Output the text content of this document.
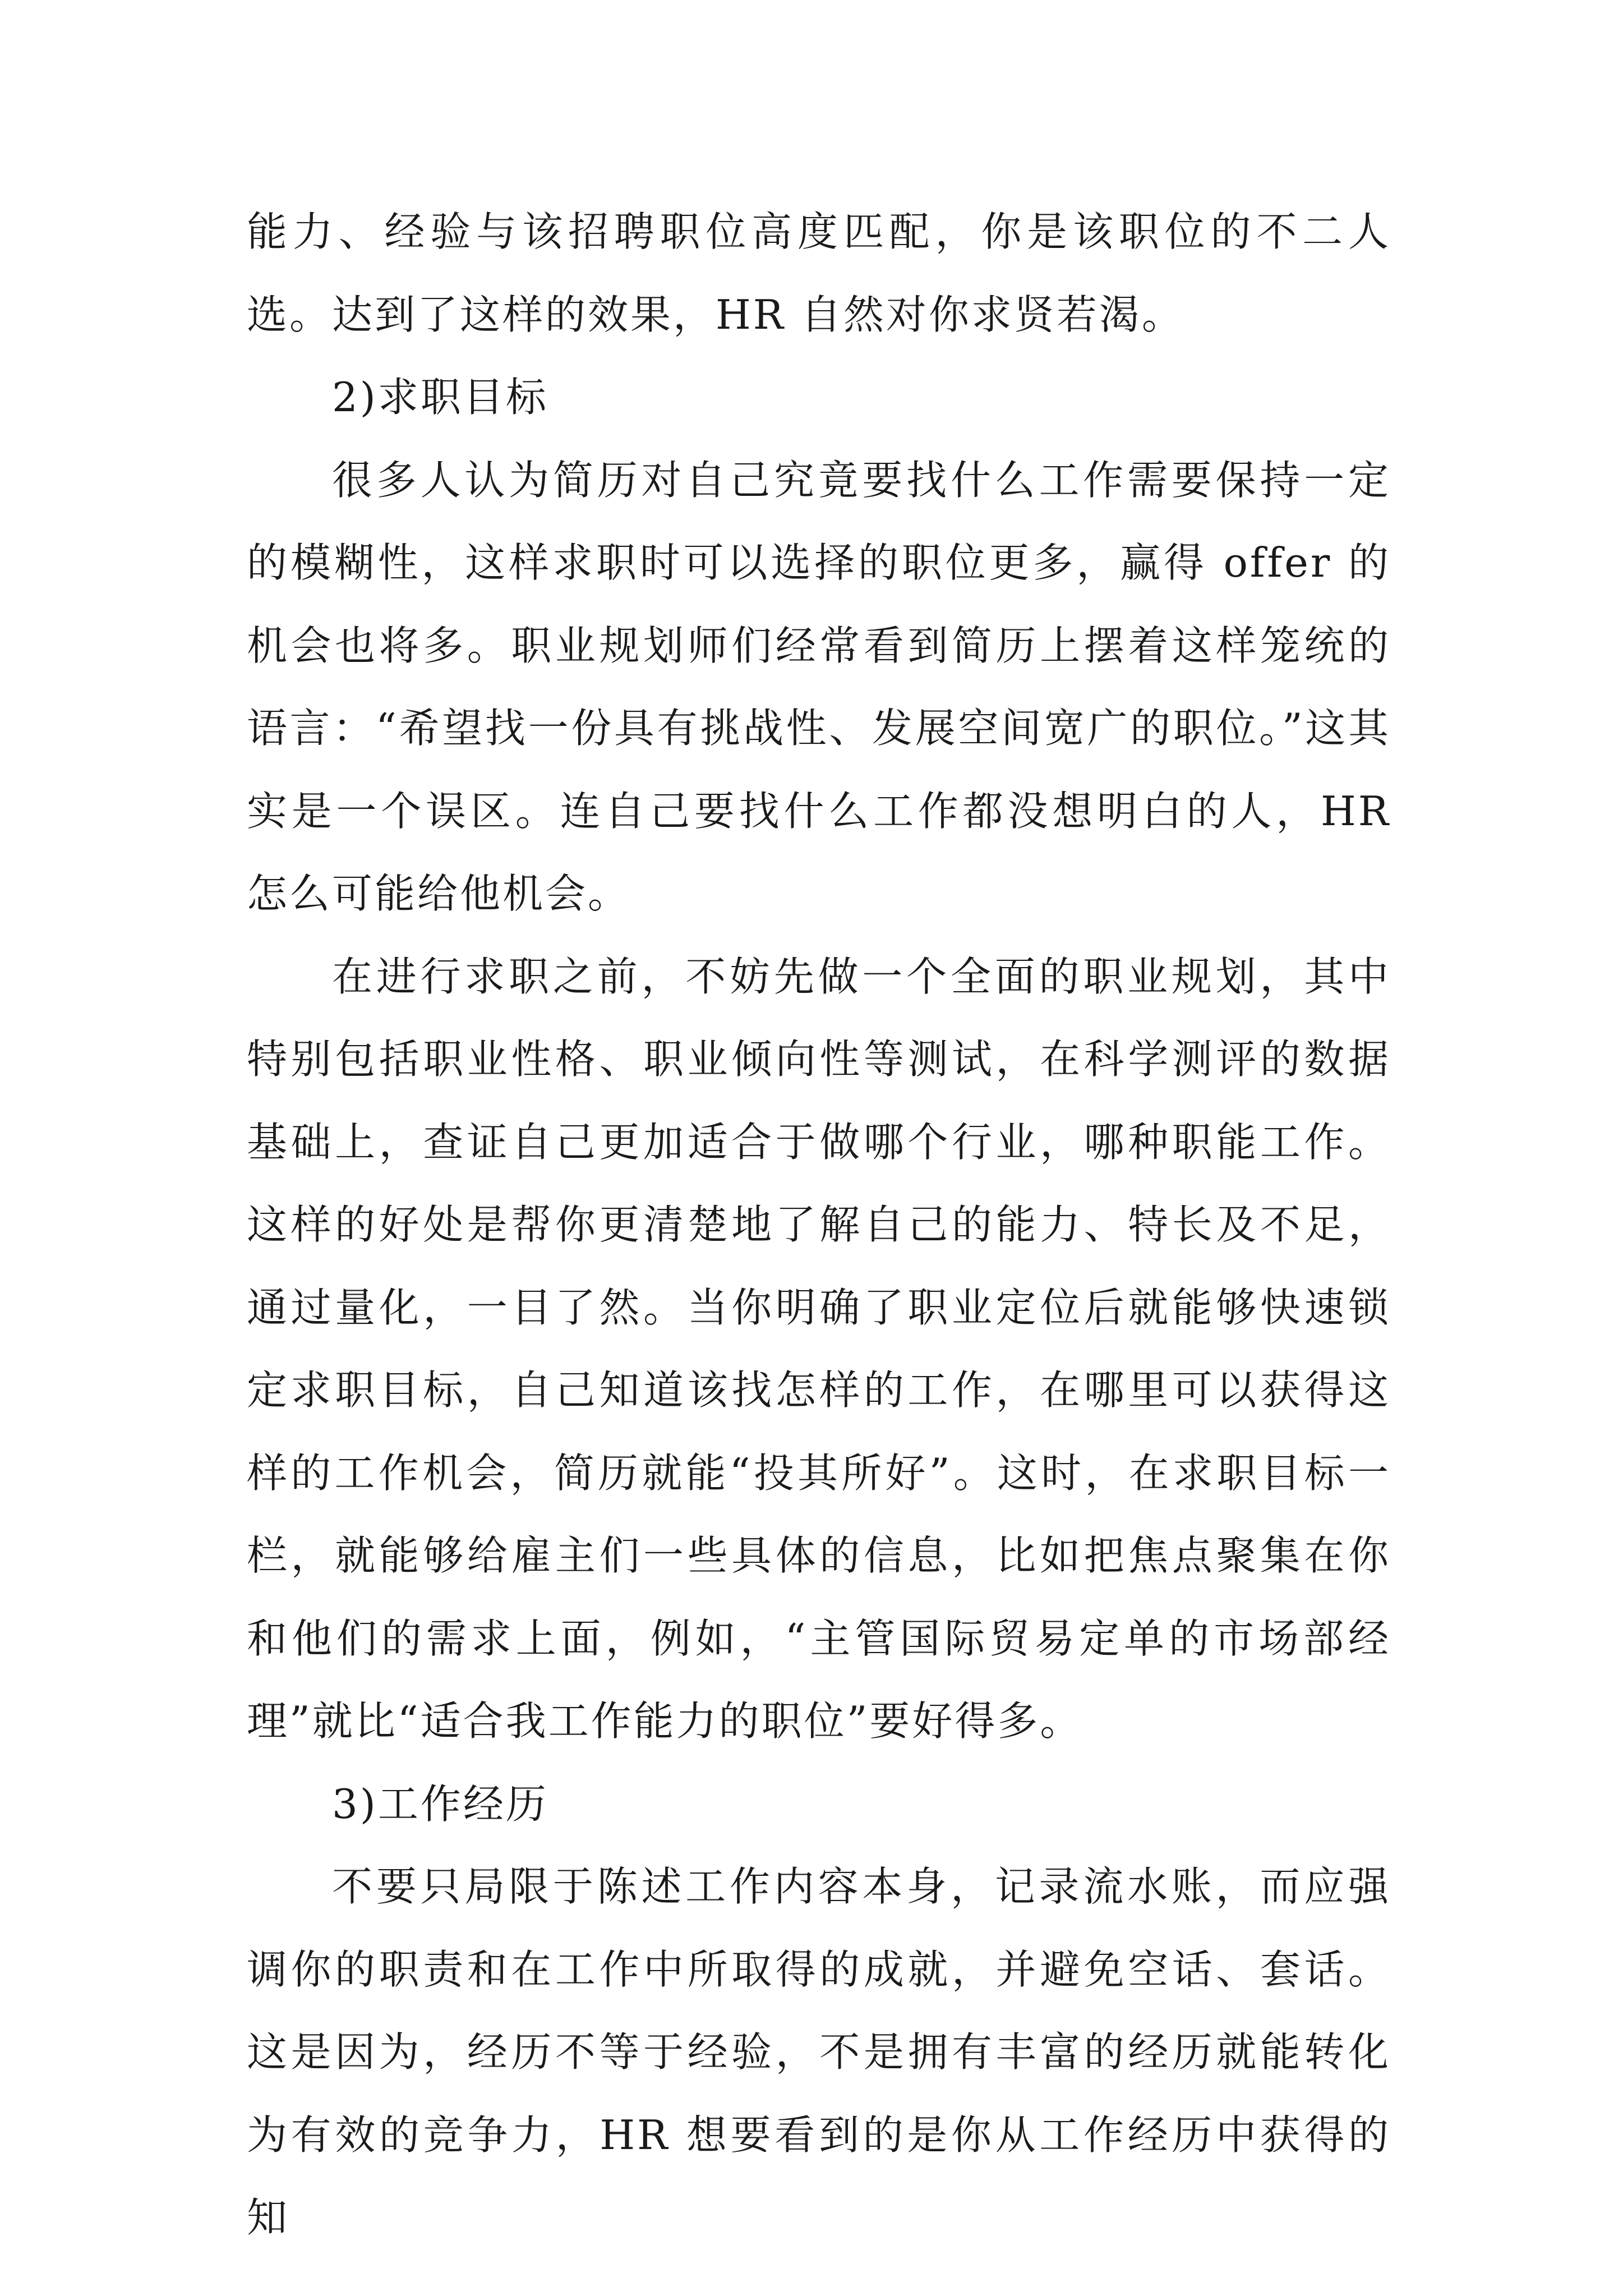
能力、经验与该招聘职位高度匹配，你是该职位的不二人选。达到了这样的效果，HR 自然对你求贤若渴。

2)求职目标

很多人认为简历对自己究竟要找什么工作需要保持一定的模糊性，这样求职时可以选择的职位更多，赢得 offer 的机会也将多。职业规划师们经常看到简历上摆着这样笼统的语言：“希望找一份具有挑战性、发展空间宽广的职位。”这其实是一个误区。连自己要找什么工作都没想明白的人，HR 怎么可能给他机会。

在进行求职之前，不妨先做一个全面的职业规划，其中特别包括职业性格、职业倾向性等测试，在科学测评的数据基础上，查证自己更加适合于做哪个行业，哪种职能工作。这样的好处是帮你更清楚地了解自己的能力、特长及不足，通过量化，一目了然。当你明确了职业定位后就能够快速锁定求职目标，自己知道该找怎样的工作，在哪里可以获得这样的工作机会，简历就能“投其所好”。这时，在求职目标一栏，就能够给雇主们一些具体的信息，比如把焦点聚集在你和他们的需求上面，例如，“主管国际贸易定单的市场部经理”就比“适合我工作能力的职位”要好得多。

3)工作经历

不要只局限于陈述工作内容本身，记录流水账，而应强调你的职责和在工作中所取得的成就，并避免空话、套话。这是因为，经历不等于经验，不是拥有丰富的经历就能转化为有效的竞争力，HR 想要看到的是你从工作经历中获得的知
